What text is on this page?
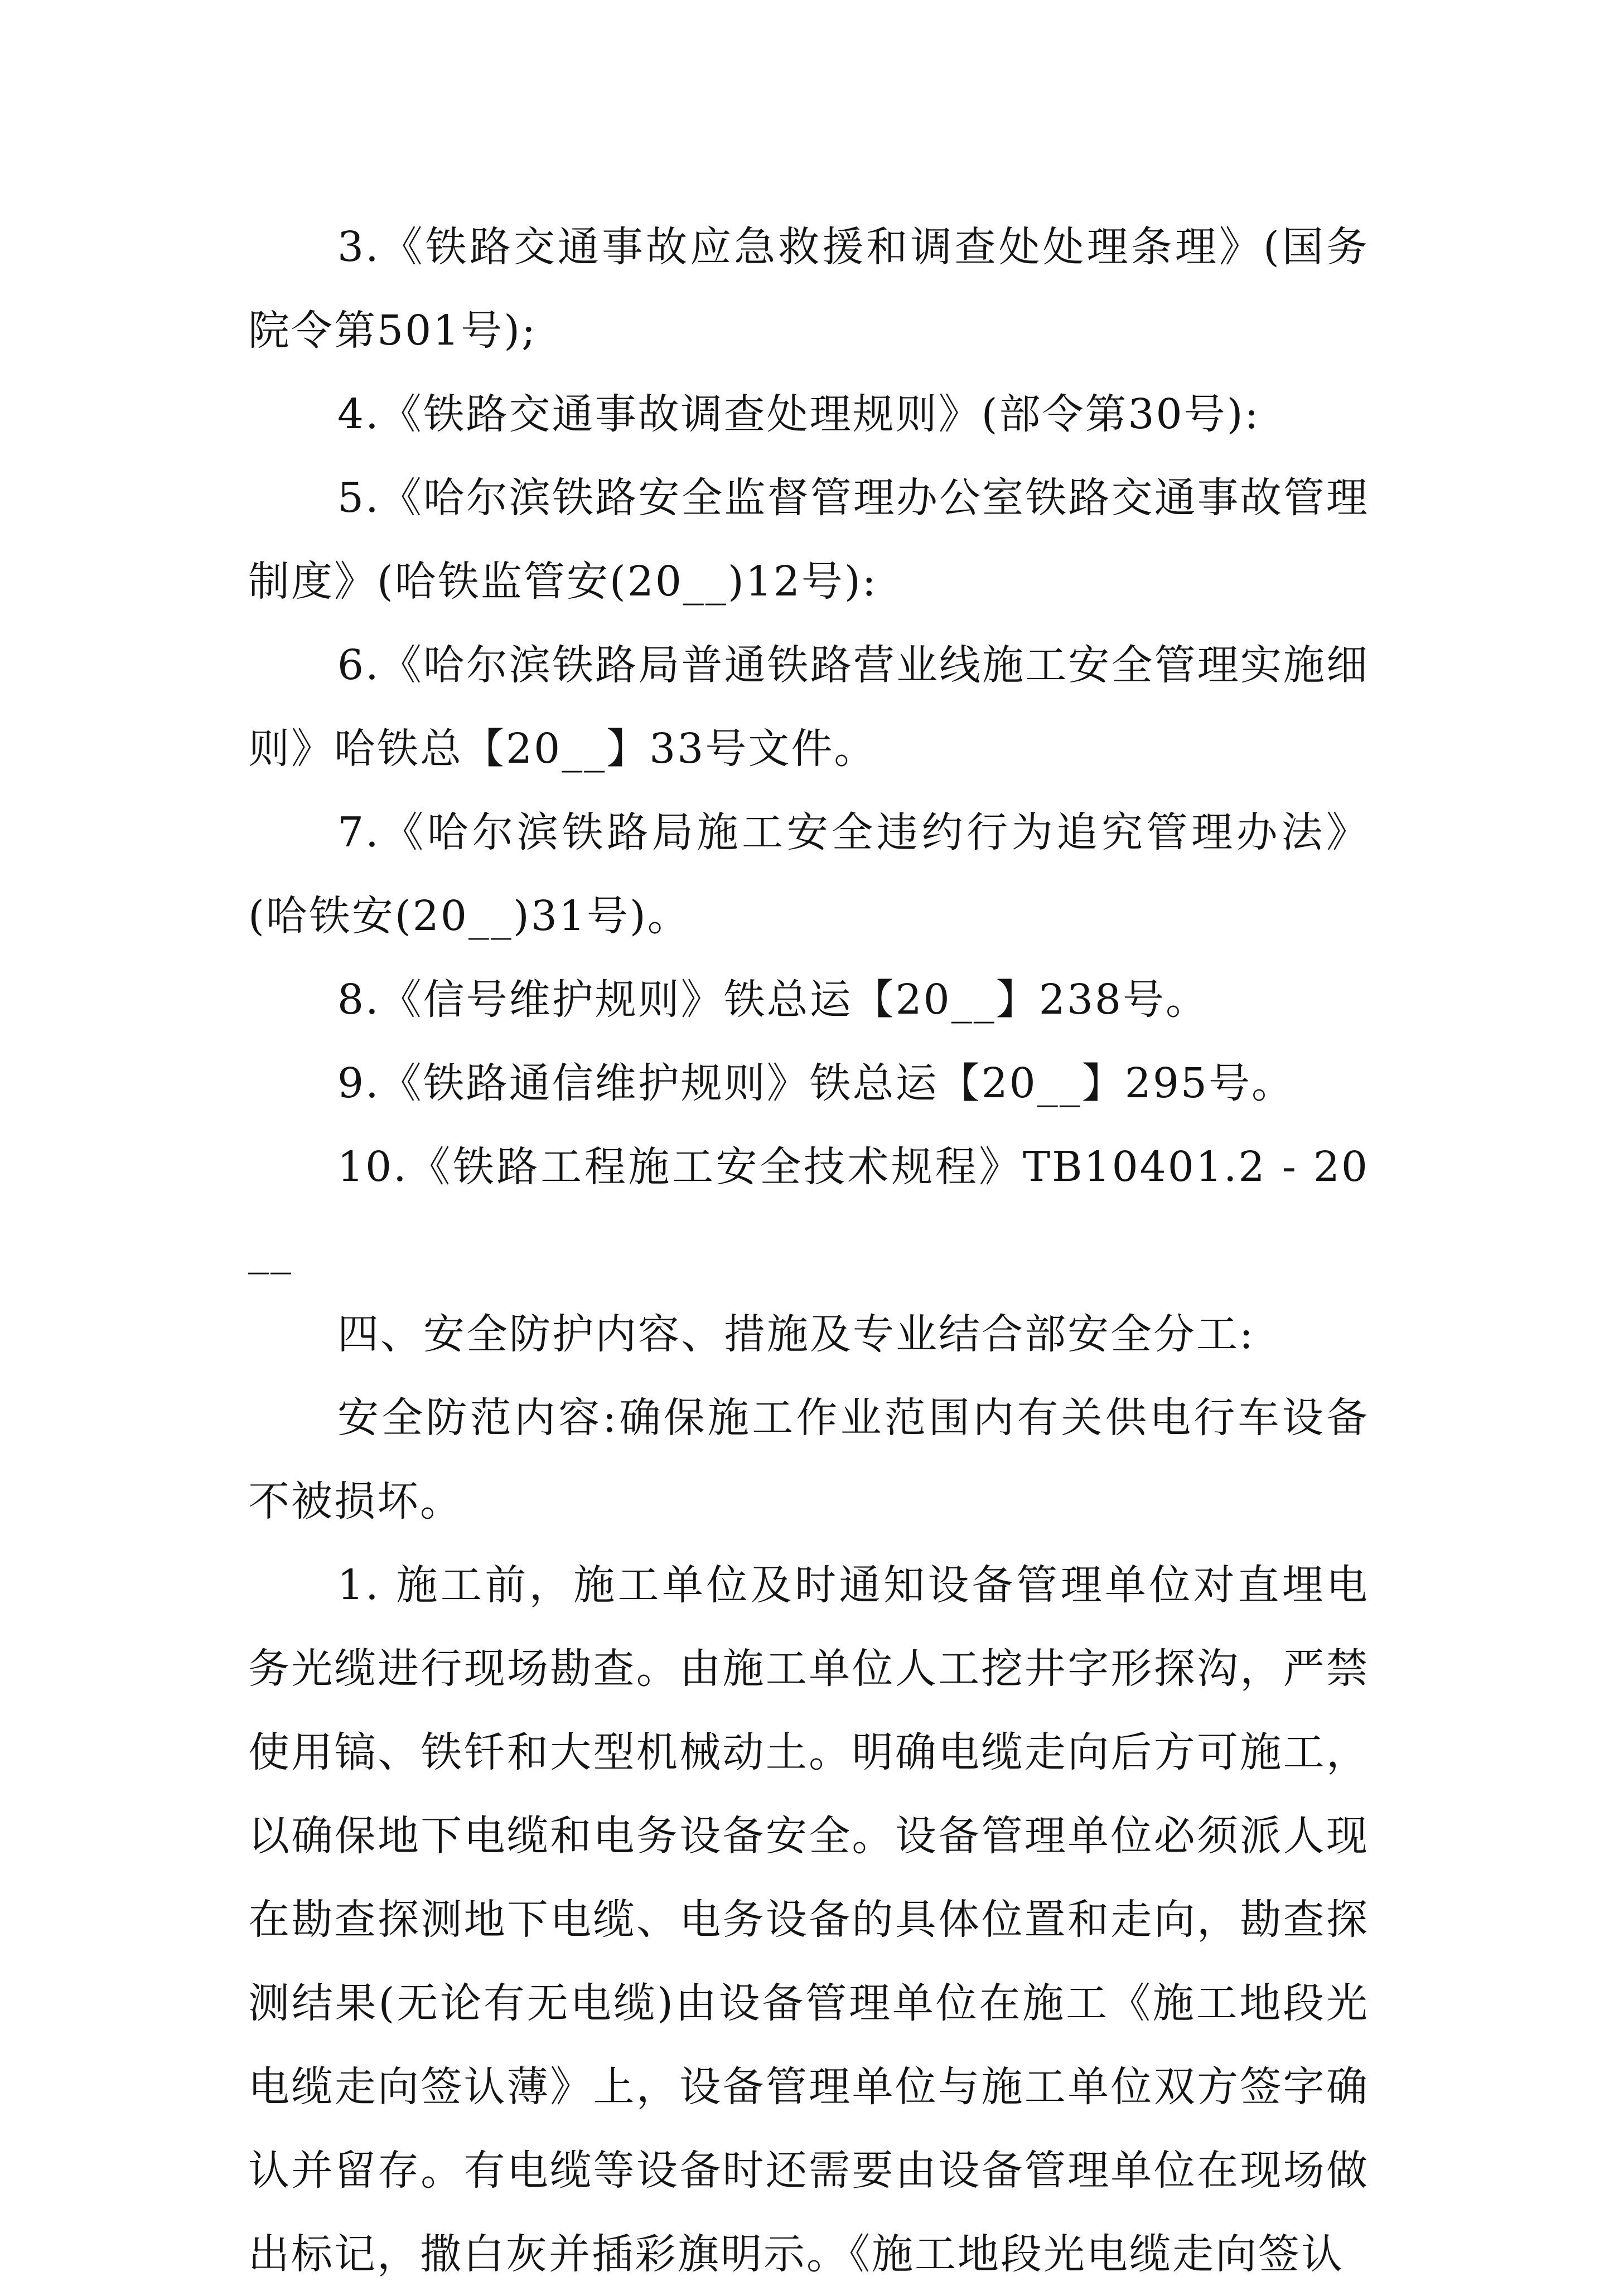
3.《铁路交通事故应急救援和调查处处理条理》(国务院令第501号);

4.《铁路交通事故调查处理规则》(部令第30号):

5.《哈尔滨铁路安全监督管理办公室铁路交通事故管理制度》(哈铁监管安(20__)12号):

6.《哈尔滨铁路局普通铁路营业线施工安全管理实施细则》哈铁总【20__】33号文件。

7.《哈尔滨铁路局施工安全违约行为追究管理办法》(哈铁安(20__)31号)。

8.《信号维护规则》铁总运【20__】238号。

9.《铁路通信维护规则》铁总运【20__】295号。

10.《铁路工程施工安全技术规程》TB10401.2 - 20__

四、安全防护内容、措施及专业结合部安全分工:

安全防范内容:确保施工作业范围内有关供电行车设备不被损坏。

1. 施工前，施工单位及时通知设备管理单位对直埋电务光缆进行现场勘查。由施工单位人工挖井字形探沟，严禁使用镐、铁钎和大型机械动土。明确电缆走向后方可施工，以确保地下电缆和电务设备安全。设备管理单位必须派人现在勘查探测地下电缆、电务设备的具体位置和走向，勘查探测结果(无论有无电缆)由设备管理单位在施工《施工地段光电缆走向签认薄》上，设备管理单位与施工单位双方签字确认并留存。有电缆等设备时还需要由设备管理单位在现场做出标记，撒白灰并插彩旗明示。《施工地段光电缆走向签认
